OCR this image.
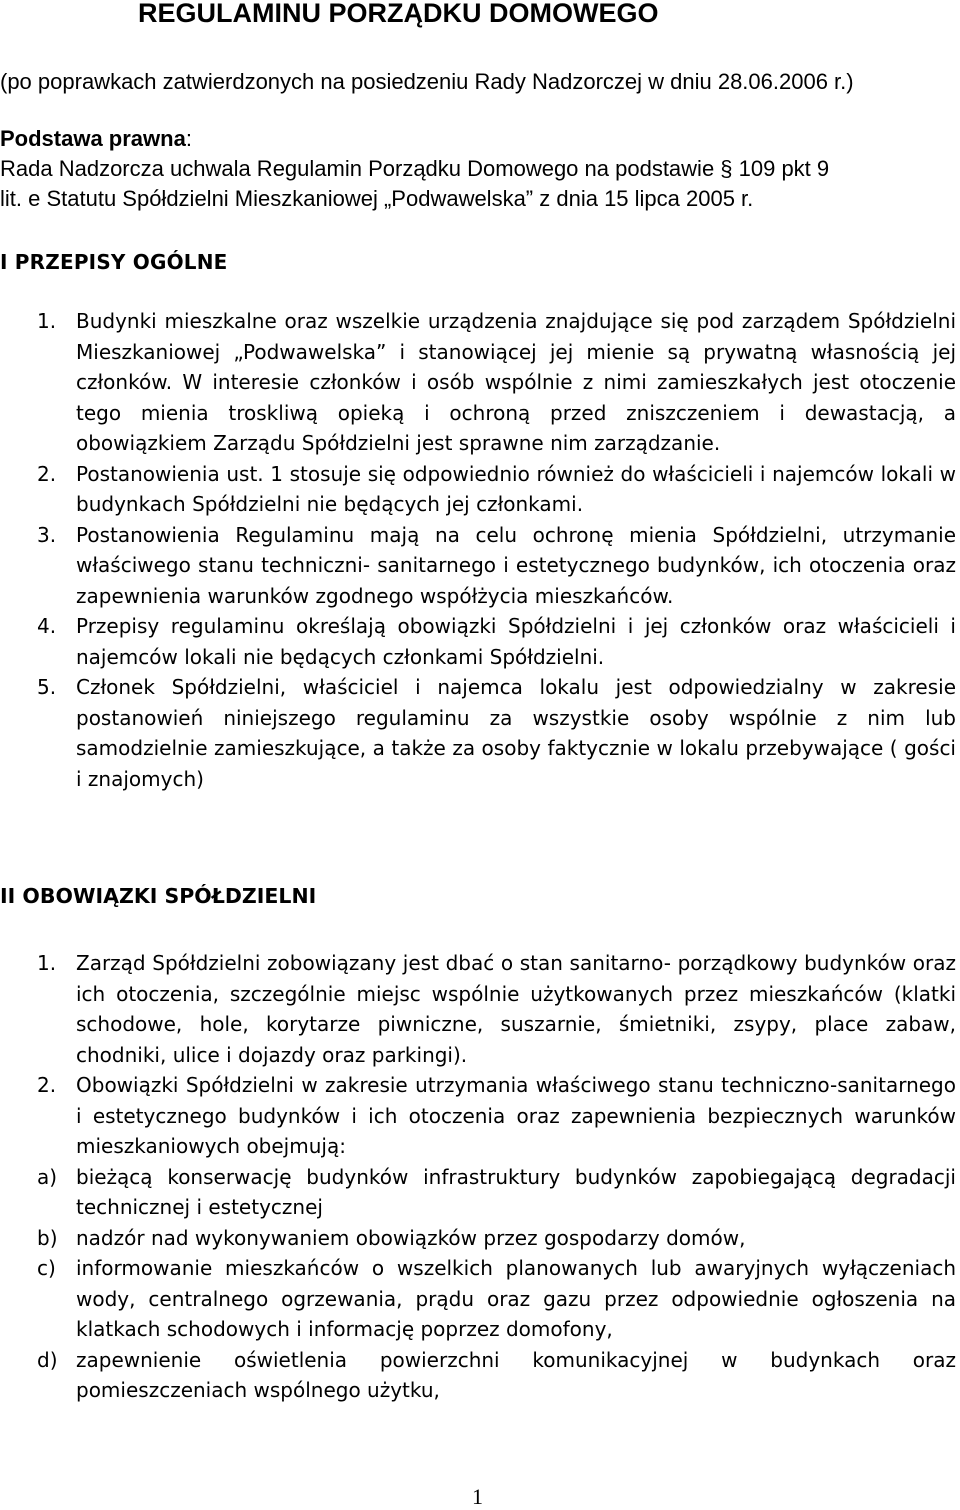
REGULAMINU PORZĄDKU DOMOWEGO
(po poprawkach zatwierdzonych na posiedzeniu Rady Nadzorczej w dniu 28.06.2006 r.)
Podstawa prawna:
Rada Nadzorcza uchwala Regulamin Porządku Domowego na podstawie § 109 pkt 9
lit. e Statutu Spółdzielni Mieszkaniowej „Podwawelska” z dnia 15 lipca 2005 r.
I PRZEPISY OGÓLNE
1. Budynki mieszkalne oraz wszelkie urządzenia znajdujące się pod zarządem Spółdzielni Mieszkaniowej „Podwawelska” i stanowiącej jej mienie są prywatną własnością jej członków. W interesie członków i osób wspólnie z nimi zamieszkałych jest otoczenie tego mienia troskliwą opieką i ochroną przed zniszczeniem i dewastacją, a obowiązkiem Zarządu Spółdzielni jest sprawne nim zarządzanie.
2. Postanowienia ust. 1 stosuje się odpowiednio również do właścicieli i najemców lokali w budynkach Spółdzielni nie będących jej członkami.
3. Postanowienia Regulaminu mają na celu ochronę mienia Spółdzielni, utrzymanie właściwego stanu techniczni- sanitarnego i estetycznego budynków, ich otoczenia oraz zapewnienia warunków zgodnego współżycia mieszkańców.
4. Przepisy regulaminu określają obowiązki Spółdzielni i jej członków oraz właścicieli i najemców lokali nie będących członkami Spółdzielni.
5. Członek Spółdzielni, właściciel i najemca lokalu jest odpowiedzialny w zakresie postanowień niniejszego regulaminu za wszystkie osoby wspólnie z nim lub samodzielnie zamieszkujące, a także za osoby faktycznie w lokalu przebywające ( gości i znajomych)
II OBOWIĄZKI SPÓŁDZIELNI
1. Zarząd Spółdzielni zobowiązany jest dbać o stan sanitarno- porządkowy budynków oraz ich otoczenia, szczególnie miejsc wspólnie użytkowanych przez mieszkańców (klatki schodowe, hole, korytarze piwniczne, suszarnie, śmietniki, zsypy, place zabaw, chodniki, ulice i dojazdy oraz parkingi).
2. Obowiązki Spółdzielni w zakresie utrzymania właściwego stanu techniczno-sanitarnego i estetycznego budynków i ich otoczenia oraz zapewnienia bezpiecznych warunków mieszkaniowych obejmują:
a) bieżącą konserwację budynków infrastruktury budynków zapobiegającą degradacji technicznej i estetycznej
b) nadzór nad wykonywaniem obowiązków przez gospodarzy domów,
c) informowanie mieszkańców o wszelkich planowanych lub awaryjnych wyłączeniach wody, centralnego ogrzewania, prądu oraz gazu przez odpowiednie ogłoszenia na klatkach schodowych i informację poprzez domofony,
d) zapewnienie oświetlenia powierzchni komunikacyjnej w budynkach oraz pomieszczeniach wspólnego użytku,
1
